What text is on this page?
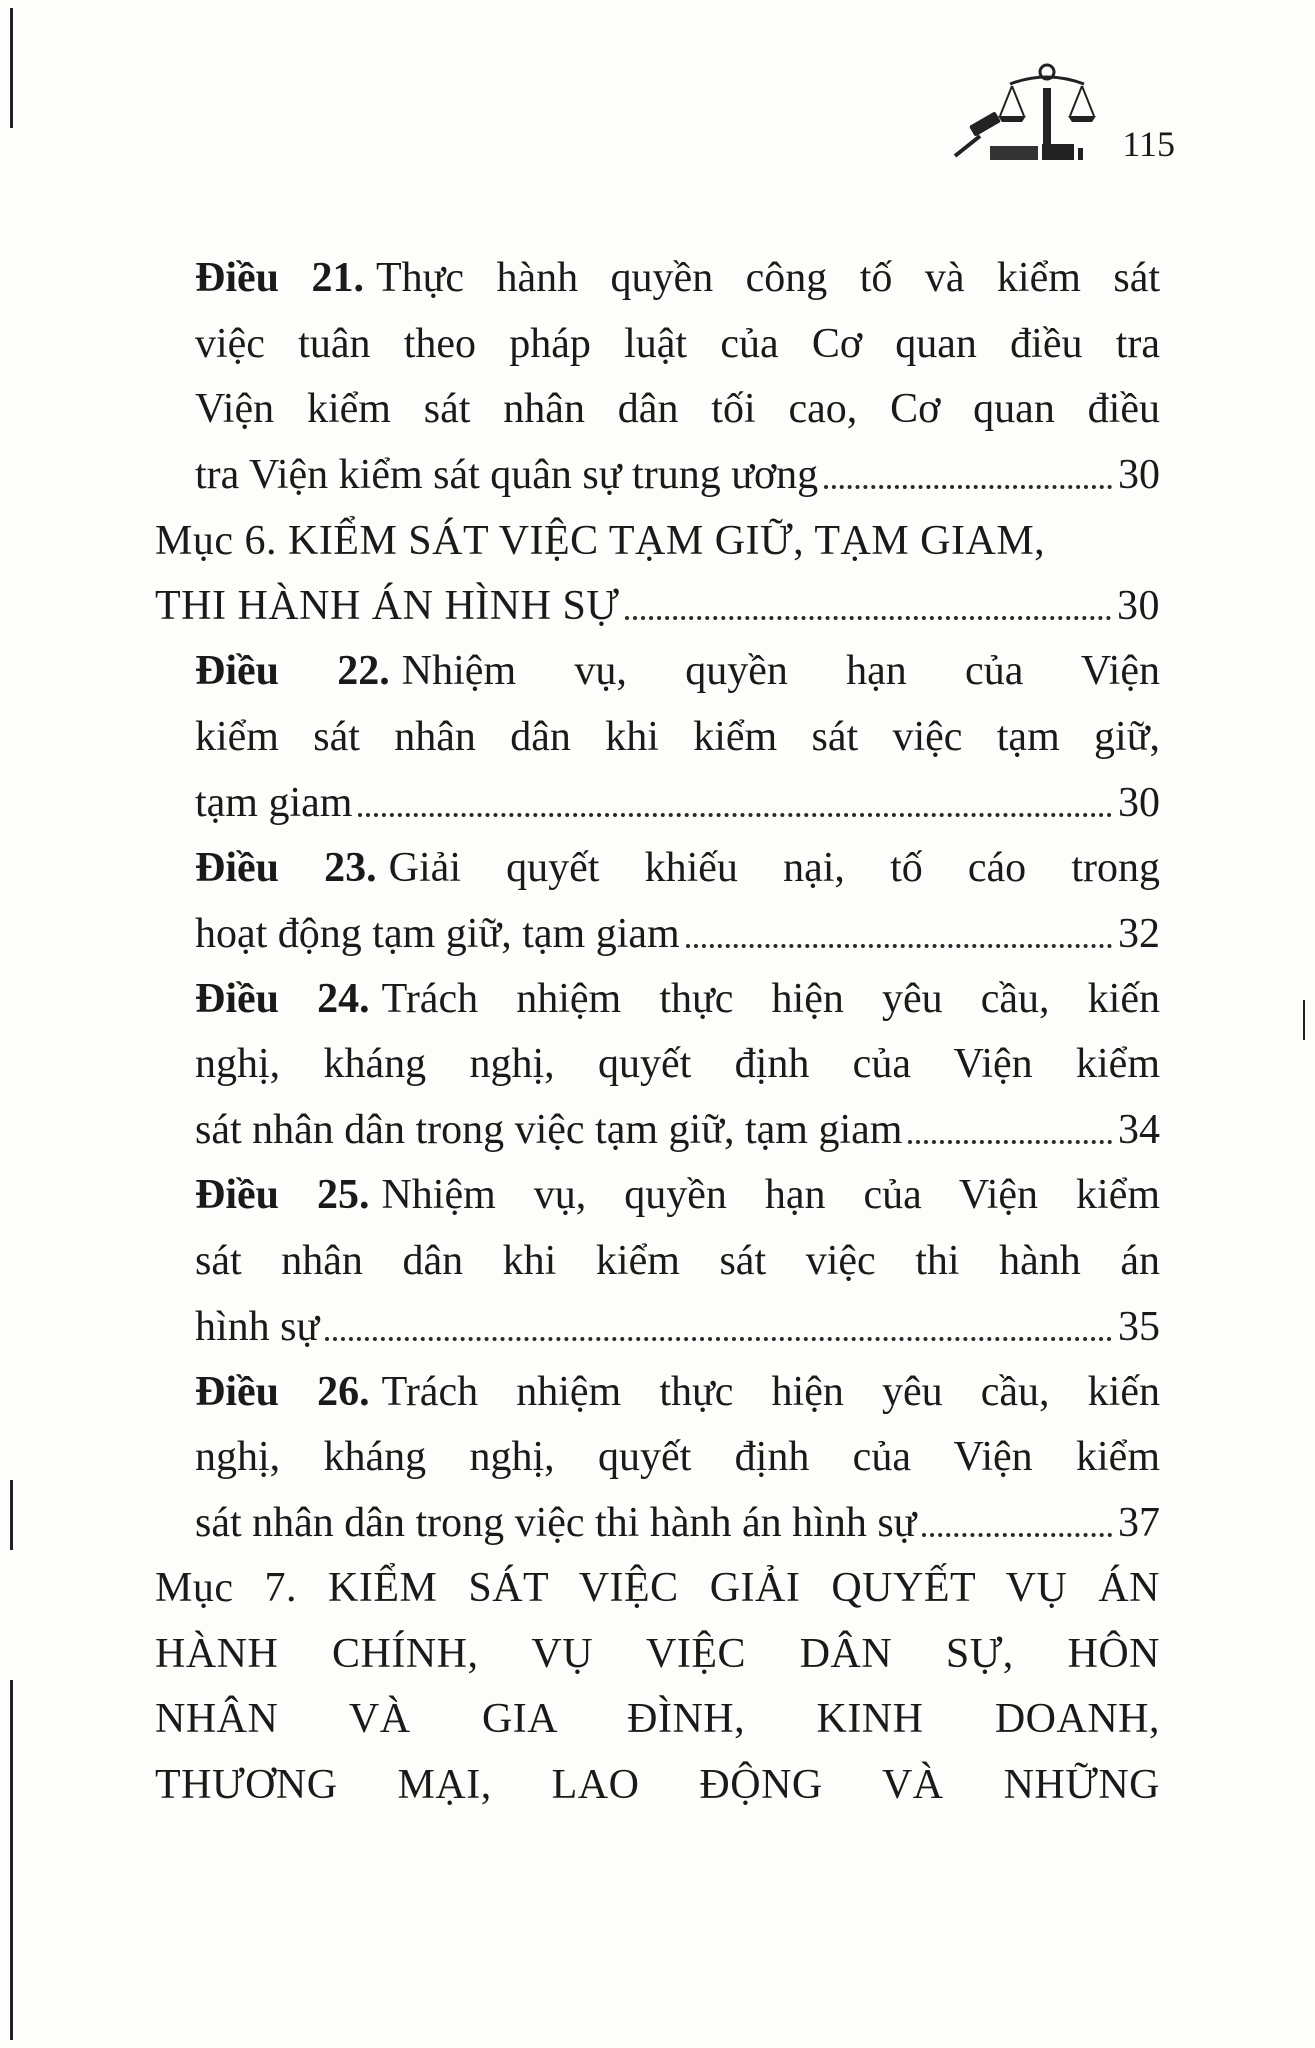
115
Điều 21. Thực hành quyền công tố và kiểm sát
việc tuân theo pháp luật của Cơ quan điều tra
Viện kiểm sát nhân dân tối cao, Cơ quan điều
tra Viện kiểm sát quân sự trung ương	30
Mục 6. KIỂM SÁT VIỆC TẠM GIỮ, TẠM GIAM,
THI HÀNH ÁN HÌNH SỰ	30
Điều 22. Nhiệm vụ, quyền hạn của Viện
kiểm sát nhân dân khi kiểm sát việc tạm giữ,
tạm giam	30
Điều 23. Giải quyết khiếu nại, tố cáo trong
hoạt động tạm giữ, tạm giam	32
Điều 24. Trách nhiệm thực hiện yêu cầu, kiến
nghị, kháng nghị, quyết định của Viện kiểm
sát nhân dân trong việc tạm giữ, tạm giam	34
Điều 25. Nhiệm vụ, quyền hạn của Viện kiểm
sát nhân dân khi kiểm sát việc thi hành án
hình sự	35
Điều 26. Trách nhiệm thực hiện yêu cầu, kiến
nghị, kháng nghị, quyết định của Viện kiểm
sát nhân dân trong việc thi hành án hình sự	37
Mục 7. KIỂM SÁT VIỆC GIẢI QUYẾT VỤ ÁN
HÀNH CHÍNH, VỤ VIỆC DÂN SỰ, HÔN
NHÂN VÀ GIA ĐÌNH, KINH DOANH,
THƯƠNG MẠI, LAO ĐỘNG VÀ NHỮNG
